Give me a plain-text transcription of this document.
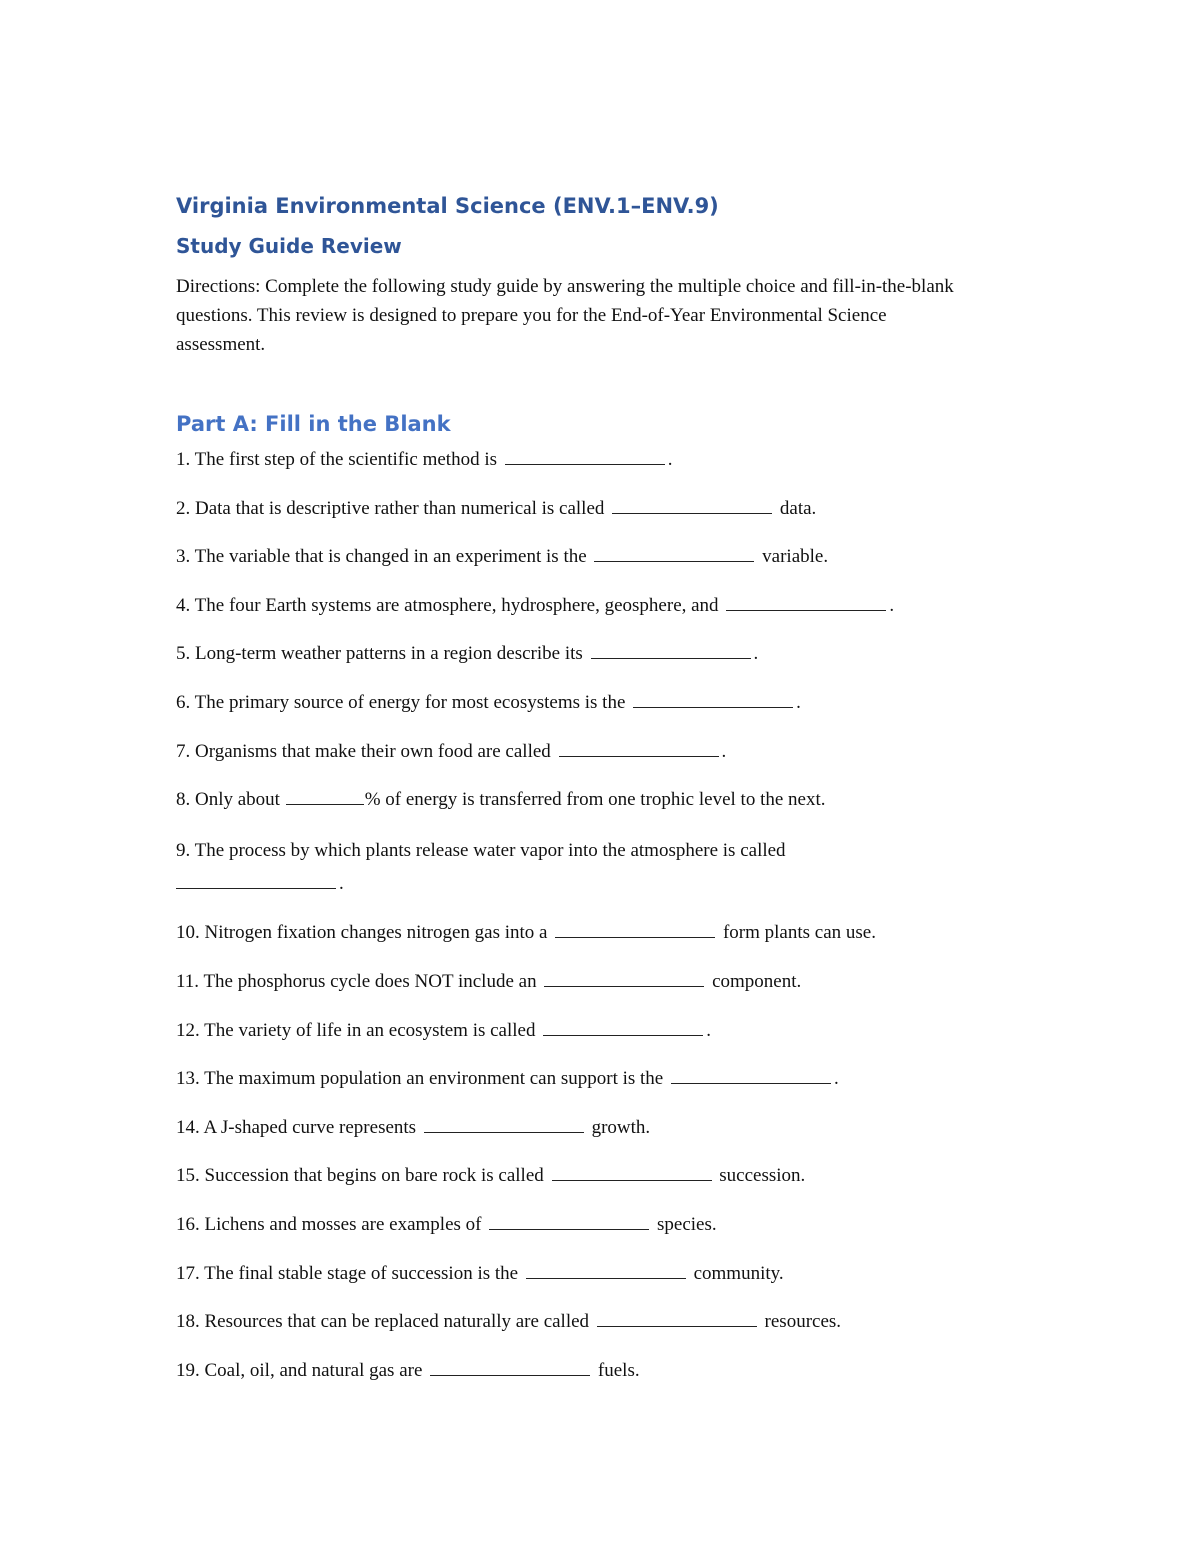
Virginia Environmental Science (ENV.1–ENV.9)
Study Guide Review

Directions: Complete the following study guide by answering the multiple choice and fill-in-the-blank questions. This review is designed to prepare you for the End-of-Year Environmental Science assessment.

Part A: Fill in the Blank
1. The first step of the scientific method is	.
2. Data that is descriptive rather than numerical is called	data.
3. The variable that is changed in an experiment is the	variable.
4. The four Earth systems are atmosphere, hydrosphere, geosphere, and	.
5. Long-term weather patterns in a region describe its	.
6. The primary source of energy for most ecosystems is the	.
7. Organisms that make their own food are called	.
8. Only about	% of energy is transferred from one trophic level to the next.
9. The process by which plants release water vapor into the atmosphere is called
.
10. Nitrogen fixation changes nitrogen gas into a	form plants can use.
11. The phosphorus cycle does NOT include an	component.
12. The variety of life in an ecosystem is called	.
13. The maximum population an environment can support is the	.
14. A J-shaped curve represents	growth.
15. Succession that begins on bare rock is called	succession.
16. Lichens and mosses are examples of	species.
17. The final stable stage of succession is the	community.
18. Resources that can be replaced naturally are called	resources.
19. Coal, oil, and natural gas are	fuels.
